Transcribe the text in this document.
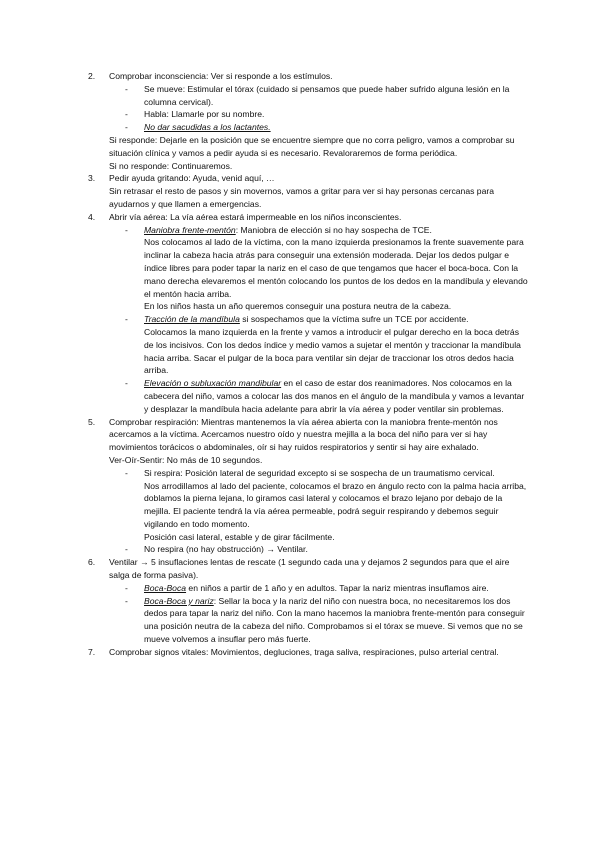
2.	Comprobar inconsciencia: Ver si responde a los estímulos.

- Se mueve: Estimular el tórax (cuidado si pensamos que puede haber sufrido alguna lesión en la columna cervical).

- Habla: Llamarle por su nombre.

- No dar sacudidas a los lactantes.

Si responde: Dejarle en la posición que se encuentre siempre que no corra peligro, vamos a comprobar su situación clínica y vamos a pedir ayuda si es necesario. Revaloraremos de forma periódica.

Si no responde: Continuaremos.

3.	Pedir ayuda gritando: Ayuda, venid aquí, …

Sin retrasar el resto de pasos y sin movernos, vamos a gritar para ver si hay personas cercanas para ayudarnos y que llamen a emergencias.

4.	Abrir vía aérea: La vía aérea estará impermeable en los niños inconscientes.

- Maniobra frente-mentón: Maniobra de elección si no hay sospecha de TCE.

Nos colocamos al lado de la víctima, con la mano izquierda presionamos la frente suavemente para inclinar la cabeza hacia atrás para conseguir una extensión moderada. Dejar los dedos pulgar e índice libres para poder tapar la nariz en el caso de que tengamos que hacer el boca-boca. Con la mano derecha elevaremos el mentón colocando los puntos de los dedos en la mandíbula y elevando el mentón hacia arriba.

En los niños hasta un año queremos conseguir una postura neutra de la cabeza.

- Tracción de la mandíbula si sospechamos que la víctima sufre un TCE por accidente.

Colocamos la mano izquierda en la frente y vamos a introducir el pulgar derecho en la boca detrás de los incisivos. Con los dedos índice y medio vamos a sujetar el mentón y traccionar la mandíbula hacia arriba. Sacar el pulgar de la boca para ventilar sin dejar de traccionar los otros dedos hacia arriba.

- Elevación o subluxación mandibular en el caso de estar dos reanimadores. Nos colocamos en la cabecera del niño, vamos a colocar las dos manos en el ángulo de la mandíbula y vamos a levantar y desplazar la mandíbula hacia adelante para abrir la vía aérea y poder ventilar sin problemas.

5.	Comprobar respiración: Mientras mantenemos la vía aérea abierta con la maniobra frente-mentón nos acercamos a la víctima. Acercamos nuestro oído y nuestra mejilla a la boca del niño para ver si hay movimientos torácicos o abdominales, oír si hay ruidos respiratorios y sentir si hay aire exhalado.

Ver-Oír-Sentir: No más de 10 segundos.

- Si respira: Posición lateral de seguridad excepto si se sospecha de un traumatismo cervical.

Nos arrodillamos al lado del paciente, colocamos el brazo en ángulo recto con la palma hacia arriba, doblamos la pierna lejana, lo giramos casi lateral y colocamos el brazo lejano por debajo de la mejilla. El paciente tendrá la vía aérea permeable, podrá seguir respirando y debemos seguir vigilando en todo momento.

Posición casi lateral, estable y de girar fácilmente.

- No respira (no hay obstrucción) → Ventilar.

6.	Ventilar → 5 insuflaciones lentas de rescate (1 segundo cada una y dejamos 2 segundos para que el aire salga de forma pasiva).

- Boca-Boca en niños a partir de 1 año y en adultos. Tapar la nariz mientras insuflamos aire.

- Boca-Boca y nariz: Sellar la boca y la nariz del niño con nuestra boca, no necesitaremos los dos dedos para tapar la nariz del niño. Con la mano hacemos la maniobra frente-mentón para conseguir una posición neutra de la cabeza del niño. Comprobamos si el tórax se mueve. Si vemos que no se mueve volvemos a insuflar pero más fuerte.

7.	Comprobar signos vitales: Movimientos, degluciones, traga saliva, respiraciones, pulso arterial central.
